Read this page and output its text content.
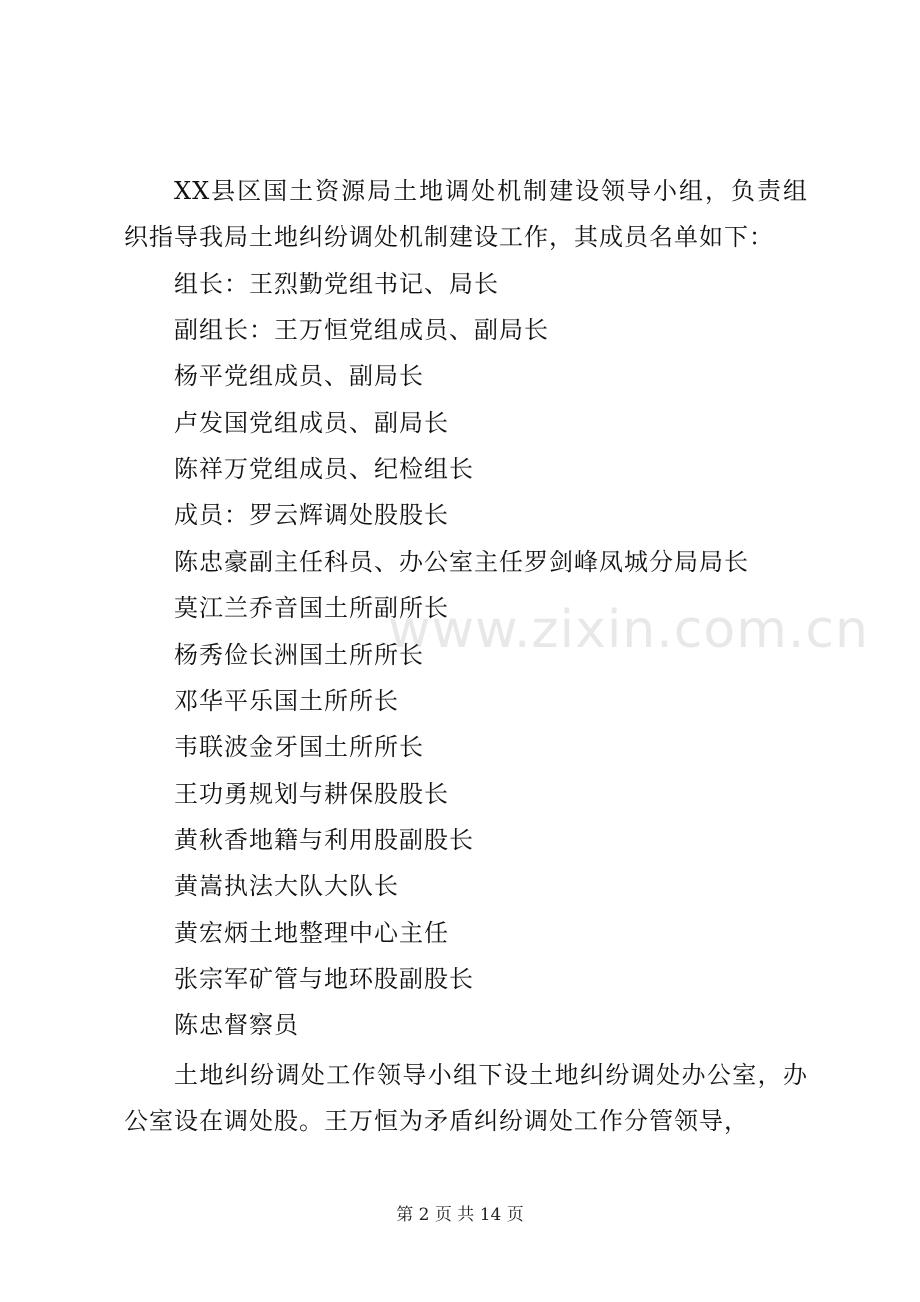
XX县区国土资源局土地调处机制建设领导小组，负责组织指导我局土地纠纷调处机制建设工作，其成员名单如下：
组长：王烈勤党组书记、局长
副组长：王万恒党组成员、副局长
杨平党组成员、副局长
卢发国党组成员、副局长
陈祥万党组成员、纪检组长
成员：罗云辉调处股股长
陈忠豪副主任科员、办公室主任罗剑峰凤城分局局长
莫江兰乔音国土所副所长
杨秀俭长洲国土所所长
邓华平乐国土所所长
韦联波金牙国土所所长
王功勇规划与耕保股股长
黄秋香地籍与利用股副股长
黄嵩执法大队大队长
黄宏炳土地整理中心主任
张宗军矿管与地环股副股长
陈忠督察员
土地纠纷调处工作领导小组下设土地纠纷调处办公室，办公室设在调处股。王万恒为矛盾纠纷调处工作分管领导，
www.zixin.com.cn
第 2 页 共 14 页
